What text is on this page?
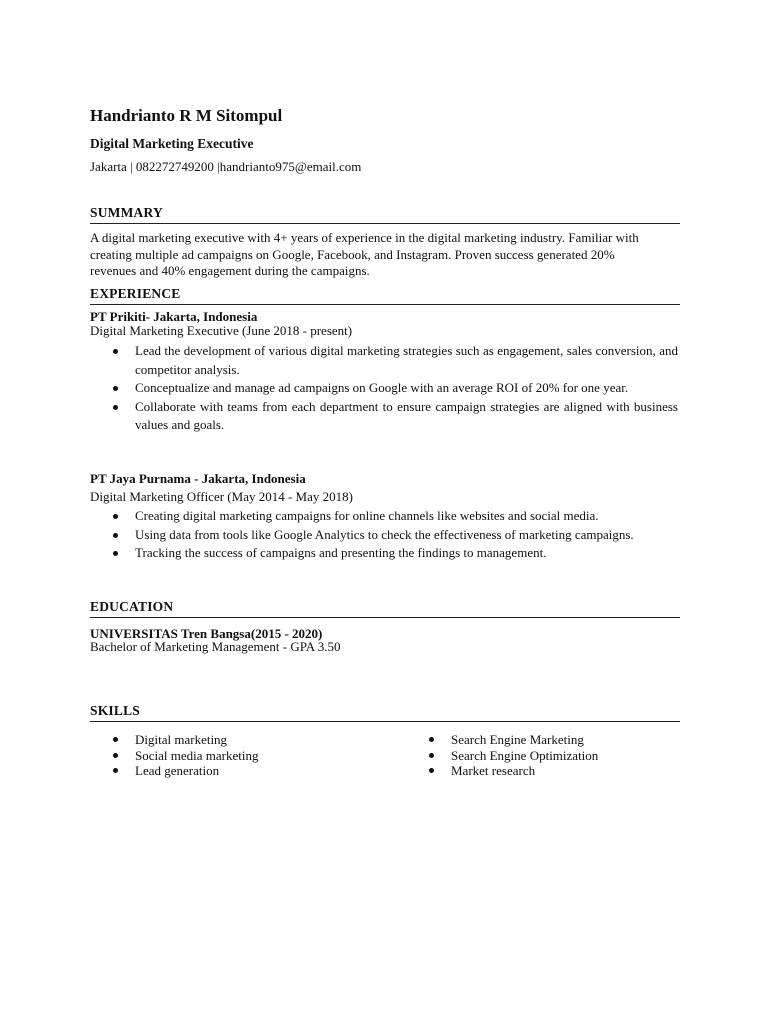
Handrianto R M Sitompul
Digital Marketing Executive
Jakarta | 082272749200 |handrianto975@email.com
SUMMARY
A digital marketing executive with 4+ years of experience in the digital marketing industry. Familiar with creating multiple ad campaigns on Google, Facebook, and Instagram. Proven success generated 20% revenues and 40% engagement during the campaigns.
EXPERIENCE
PT Prikiti- Jakarta, Indonesia
Digital Marketing Executive (June 2018 - present)
Lead the development of various digital marketing strategies such as engagement, sales conversion, and competitor analysis.
Conceptualize and manage ad campaigns on Google with an average ROI of 20% for one year.
Collaborate with teams from each department to ensure campaign strategies are aligned with business values and goals.
PT Jaya Purnama - Jakarta, Indonesia
Digital Marketing Officer (May 2014 - May 2018)
Creating digital marketing campaigns for online channels like websites and social media.
Using data from tools like Google Analytics to check the effectiveness of marketing campaigns.
Tracking the success of campaigns and presenting the findings to management.
EDUCATION
UNIVERSITAS Tren Bangsa(2015 - 2020)
Bachelor of Marketing Management - GPA 3.50
SKILLS
Digital marketing
Social media marketing
Lead generation
Search Engine Marketing
Search Engine Optimization
Market research
